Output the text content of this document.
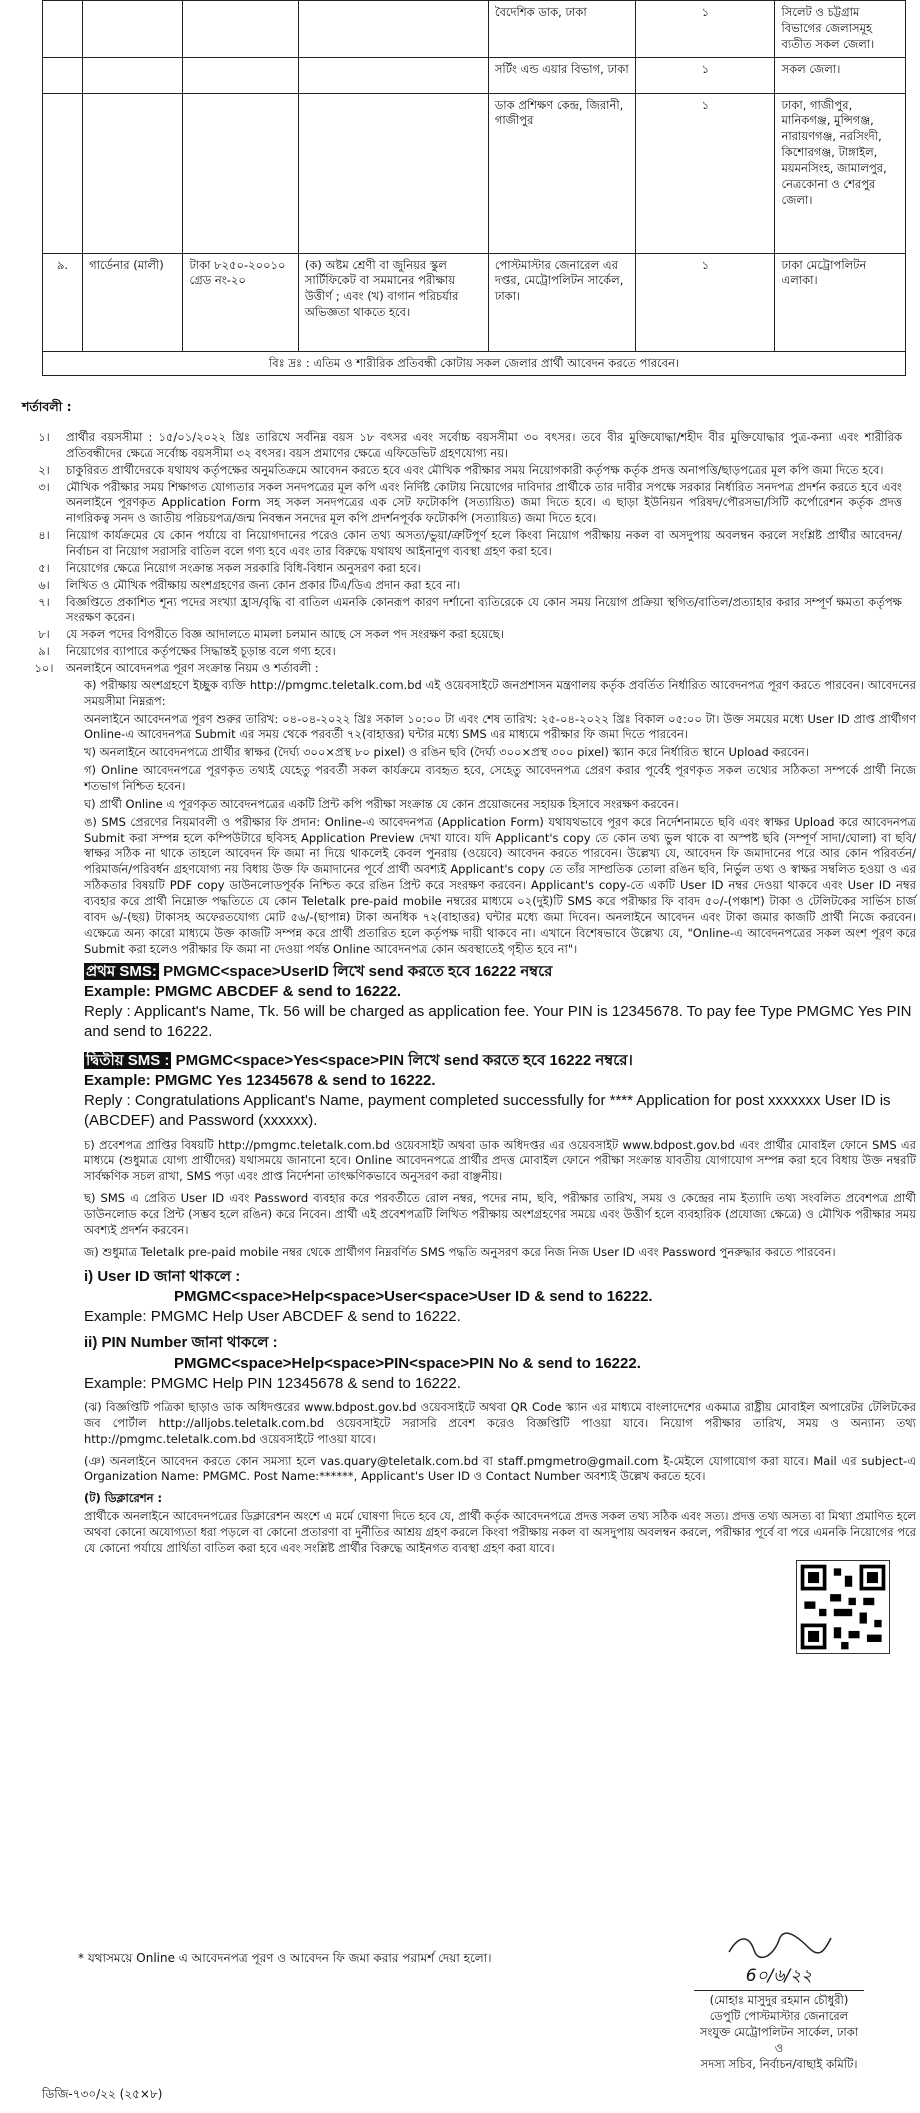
				বৈদেশিক ডাক, ঢাকা	১	সিলেট ও চট্টগ্রাম বিভাগের জেলাসমূহ ব্যতীত সকল জেলা।
				সর্টিং এন্ড এয়ার বিভাগ, ঢাকা	১	সকল জেলা।
				ডাক প্রশিক্ষণ কেন্দ্র, জিরানী, গাজীপুর	১	ঢাকা, গাজীপুর, মানিকগঞ্জ, মুন্সিগঞ্জ, নারায়ণগঞ্জ, নরসিংদী, কিশোরগঞ্জ, টাঙ্গাইল, ময়মনসিংহ, জামালপুর, নেত্রকোনা ও শেরপুর জেলা।
৯.	গার্ডেনার (মালী)	টাকা ৮২৫০-২০০১০ গ্রেড নং-২০	(ক) অষ্টম শ্রেণী বা জুনিয়র স্কুল সার্টিফিকেট বা সমমানের পরীক্ষায় উত্তীর্ণ ; এবং (খ) বাগান পরিচর্যার অভিজ্ঞতা থাকতে হবে।	পোস্টমাস্টার জেনারেল এর দপ্তর, মেট্রোপলিটন সার্কেল, ঢাকা।	১	ঢাকা মেট্রোপলিটন এলাকা।
বিঃ দ্রঃ : এতিম ও শারীরিক প্রতিবন্ধী কোটায় সকল জেলার প্রার্থী আবেদন করতে পারবেন।						
শর্তাবলী :
১।	প্রার্থীর বয়সসীমা : ১৫/০১/২০২২ খ্রিঃ তারিখে সর্বনিম্ন বয়স ১৮ বৎসর এবং সর্বোচ্চ বয়সসীমা ৩০ বৎসর। তবে বীর মুক্তিযোদ্ধা/শহীদ বীর মুক্তিযোদ্ধার পুত্র-কন্যা এবং শারীরিক প্রতিবন্ধীদের ক্ষেত্রে সর্বোচ্চ বয়সসীমা ৩২ বৎসর। বয়স প্রমাণের ক্ষেত্রে এফিডেভিট গ্রহণযোগ্য নয়।
২।	চাকুরিরত প্রার্থীদেরকে যথাযথ কর্তৃপক্ষের অনুমতিক্রমে আবেদন করতে হবে এবং মৌখিক পরীক্ষার সময় নিয়োগকারী কর্তৃপক্ষ কর্তৃক প্রদত্ত অনাপত্তি/ছাড়পত্রের মূল কপি জমা দিতে হবে।
৩।	মৌখিক পরীক্ষার সময় শিক্ষাগত যোগ্যতার সকল সনদপত্রের মূল কপি এবং নির্দিষ্ট কোটায় নিয়োগের দাবিদার প্রার্থীকে তার দাবীর সপক্ষে সরকার নির্ধারিত সনদপত্র প্রদর্শন করতে হবে এবং অনলাইনে পূরণকৃত Application Form সহ সকল সনদপত্রের এক সেট ফটোকপি (সত্যায়িত) জমা দিতে হবে। এ ছাড়া ইউনিয়ন পরিষদ/পৌরসভা/সিটি কর্পোরেশন কর্তৃক প্রদত্ত নাগরিকত্ব সনদ ও জাতীয় পরিচয়পত্র/জন্ম নিবন্ধন সনদের মূল কপি প্রদর্শনপূর্বক ফটোকপি (সত্যায়িত) জমা দিতে হবে।
৪।	নিয়োগ কার্যক্রমের যে কোন পর্যায়ে বা নিয়োগদানের পরেও কোন তথ্য অসত্য/ভুয়া/ত্রুটিপূর্ণ হলে কিংবা নিয়োগ পরীক্ষায় নকল বা অসদুপায় অবলম্বন করলে সংশ্লিষ্ট প্রার্থীর আবেদন/নির্বাচন বা নিয়োগ সরাসরি বাতিল বলে গণ্য হবে এবং তার বিরুদ্ধে যথাযথ আইনানুগ ব্যবস্থা গ্রহণ করা হবে।
৫।	নিয়োগের ক্ষেত্রে নিয়োগ সংক্রান্ত সকল সরকারি বিধি-বিধান অনুসরণ করা হবে।
৬।	লিখিত ও মৌখিক পরীক্ষায় অংশগ্রহণের জন্য কোন প্রকার টিএ/ডিএ প্রদান করা হবে না।
৭।	বিজ্ঞপ্তিতে প্রকাশিত শূন্য পদের সংখ্যা হ্রাস/বৃদ্ধি বা বাতিল এমনকি কোনরূপ কারণ দর্শানো ব্যতিরেকে যে কোন সময় নিয়োগ প্রক্রিয়া স্থগিত/বাতিল/প্রত্যাহার করার সম্পূর্ণ ক্ষমতা কর্তৃপক্ষ সংরক্ষণ করেন।
৮।	যে সকল পদের বিপরীতে বিজ্ঞ আদালতে মামলা চলমান আছে সে সকল পদ সংরক্ষণ করা হয়েছে।
৯।	নিয়োগের ব্যাপারে কর্তৃপক্ষের সিদ্ধান্তই চূড়ান্ত বলে গণ্য হবে।
১০।	অনলাইনে আবেদনপত্র পূরণ সংক্রান্ত নিয়ম ও শর্তাবলী :
ক) পরীক্ষায় অংশগ্রহণে ইচ্ছুক ব্যক্তি http://pmgmc.teletalk.com.bd এই ওয়েবসাইটে জনপ্রশাসন মন্ত্রণালয় কর্তৃক প্রবর্তিত নির্ধারিত আবেদনপত্র পূরণ করতে পারবেন। আবেদনের সময়সীমা নিম্নরূপ:
অনলাইনে আবেদনপত্র পূরণ শুরুর তারিখ: ০৪-০৪-২০২২ খ্রিঃ সকাল ১০:০০ টা এবং শেষ তারিখ: ২৫-০৪-২০২২ খ্রিঃ বিকাল ০৫:০০ টা। উক্ত সময়ের মধ্যে User ID প্রাপ্ত প্রার্থীগণ Online-এ আবেদনপত্র Submit এর সময় থেকে পরবর্তী ৭২(বাহাত্তর) ঘন্টার মধ্যে SMS এর মাধ্যমে পরীক্ষার ফি জমা দিতে পারবেন।
খ) অনলাইনে আবেদনপত্রে প্রার্থীর স্বাক্ষর (দৈর্ঘ্য ৩০০×প্রস্থ ৮০ pixel) ও রঙিন ছবি (দৈর্ঘ্য ৩০০×প্রস্থ ৩০০ pixel) স্ক্যান করে নির্ধারিত স্থানে Upload করবেন।
গ) Online আবেদনপত্রে পূরণকৃত তথ্যই যেহেতু পরবর্তী সকল কার্যক্রমে ব্যবহৃত হবে, সেহেতু আবেদনপত্র প্রেরণ করার পূর্বেই পূরণকৃত সকল তথ্যের সঠিকতা সম্পর্কে প্রার্থী নিজে শতভাগ নিশ্চিত হবেন।
ঘ) প্রার্থী Online এ পূরণকৃত আবেদনপত্রের একটি প্রিন্ট কপি পরীক্ষা সংক্রান্ত যে কোন প্রয়োজনের সহায়ক হিসাবে সংরক্ষণ করবেন।
ঙ) SMS প্রেরণের নিয়মাবলী ও পরীক্ষার ফি প্রদান: Online-এ আবেদনপত্র (Application Form) যথাযথভাবে পূরণ করে নির্দেশনামতে ছবি এবং স্বাক্ষর Upload করে আবেদনপত্র Submit করা সম্পন্ন হলে কম্পিউটারে ছবিসহ Application Preview দেখা যাবে। যদি Applicant's copy তে কোন তথ্য ভুল থাকে বা অস্পষ্ট ছবি (সম্পূর্ণ সাদা/ঘোলা) বা ছবি/স্বাক্ষর সঠিক না থাকে তাহলে আবেদন ফি জমা না দিয়ে থাকলেই কেবল পুনরায় (ওয়েবে) আবেদন করতে পারবেন। উল্লেখ্য যে, আবেদন ফি জমাদানের পরে আর কোন পরিবর্তন/পরিমার্জন/পরিবর্ধন গ্রহণযোগ্য নয় বিধায় উক্ত ফি জমাদানের পূর্বে প্রার্থী অবশ্যই Applicant's copy তে তাঁর সাম্প্রতিক তোলা রঙিন ছবি, নির্ভুল তথ্য ও স্বাক্ষর সম্বলিত হওয়া ও এর সঠিকতার বিষয়টি PDF copy ডাউনলোডপূর্বক নিশ্চিত করে রঙিন প্রিন্ট করে সংরক্ষণ করবেন। Applicant's copy-তে একটি User ID নম্বর দেওয়া থাকবে এবং User ID নম্বর ব্যবহার করে প্রার্থী নিম্নোক্ত পদ্ধতিতে যে কোন Teletalk pre-paid mobile নম্বরের মাধ্যমে ০২(দুই)টি SMS করে পরীক্ষার ফি বাবদ ৫০/-(পঞ্চাশ) টাকা ও টেলিটকের সার্ভিস চার্জ বাবদ ৬/-(ছয়) টাকাসহ অফেরতযোগ্য মোট ৫৬/-(ছাপান্ন) টাকা অনধিক ৭২(বাহাত্তর) ঘন্টার মধ্যে জমা দিবেন। অনলাইনে আবেদন এবং টাকা জমার কাজটি প্রার্থী নিজে করবেন। এক্ষেত্রে অন্য কারো মাধ্যমে উক্ত কাজটি সম্পন্ন করে প্রার্থী প্রতারিত হলে কর্তৃপক্ষ দায়ী থাকবে না। এখানে বিশেষভাবে উল্লেখ্য যে, "Online-এ আবেদনপত্রের সকল অংশ পূরণ করে Submit করা হলেও পরীক্ষার ফি জমা না দেওয়া পর্যন্ত Online আবেদনপত্র কোন অবস্থাতেই গৃহীত হবে না"।
প্রথম SMS: PMGMC<space>UserID লিখে send করতে হবে 16222 নম্বরে
Example: PMGMC ABCDEF & send to 16222.
Reply : Applicant's Name, Tk. 56 will be charged as application fee. Your PIN is 12345678. To pay fee Type PMGMC Yes PIN and send to 16222.
দ্বিতীয় SMS : PMGMC<space>Yes<space>PIN লিখে send করতে হবে 16222 নম্বরে।
Example: PMGMC Yes 12345678 & send to 16222.
Reply : Congratulations Applicant's Name, payment completed successfully for **** Application for post xxxxxxx User ID is (ABCDEF) and Password (xxxxxx).
চ) প্রবেশপত্র প্রাপ্তির বিষয়টি http://pmgmc.teletalk.com.bd ওয়েবসাইট অথবা ডাক অধিদপ্তর এর ওয়েবসাইট www.bdpost.gov.bd এবং প্রার্থীর মোবাইল ফোনে SMS এর মাধ্যমে (শুধুমাত্র যোগ্য প্রার্থীদের) যথাসময়ে জানানো হবে। Online আবেদনপত্রে প্রার্থীর প্রদত্ত মোবাইল ফোনে পরীক্ষা সংক্রান্ত যাবতীয় যোগাযোগ সম্পন্ন করা হবে বিধায় উক্ত নম্বরটি সার্বক্ষণিক সচল রাখা, SMS পড়া এবং প্রাপ্ত নির্দেশনা তাৎক্ষণিকভাবে অনুসরণ করা বাঞ্ছনীয়।
ছ) SMS এ প্রেরিত User ID এবং Password ব্যবহার করে পরবর্তীতে রোল নম্বর, পদের নাম, ছবি, পরীক্ষার তারিখ, সময় ও কেন্দ্রের নাম ইত্যাদি তথ্য সংবলিত প্রবেশপত্র প্রার্থী ডাউনলোড করে প্রিন্ট (সম্ভব হলে রঙিন) করে নিবেন। প্রার্থী এই প্রবেশপত্রটি লিখিত পরীক্ষায় অংশগ্রহণের সময়ে এবং উত্তীর্ণ হলে ব্যবহারিক (প্রযোজ্য ক্ষেত্রে) ও মৌখিক পরীক্ষার সময় অবশ্যই প্রদর্শন করবেন।
জ) শুধুমাত্র Teletalk pre-paid mobile নম্বর থেকে প্রার্থীগণ নিম্নবর্ণিত SMS পদ্ধতি অনুসরণ করে নিজ নিজ User ID এবং Password পুনরুদ্ধার করতে পারবেন।
i) User ID জানা থাকলে :
PMGMC<space>Help<space>User<space>User ID & send to 16222.
Example: PMGMC Help User ABCDEF & send to 16222.
ii) PIN Number জানা থাকলে :
PMGMC<space>Help<space>PIN<space>PIN No & send to 16222.
Example: PMGMC Help PIN 12345678 & send to 16222.
(ঝ) বিজ্ঞপ্তিটি পত্রিকা ছাড়াও ডাক অধিদপ্তরের www.bdpost.gov.bd ওয়েবসাইটে অথবা QR Code স্ক্যান এর মাধ্যমে বাংলাদেশের একমাত্র রাষ্ট্রীয় মোবাইল অপারেটর টেলিটকের জব পোর্টাল http://alljobs.teletalk.com.bd ওয়েবসাইটে সরাসরি প্রবেশ করেও বিজ্ঞপ্তিটি পাওয়া যাবে। নিয়োগ পরীক্ষার তারিখ, সময় ও অন্যান্য তথ্য http://pmgmc.teletalk.com.bd ওয়েবসাইটে পাওয়া যাবে।
(ঞ) অনলাইনে আবেদন করতে কোন সমস্যা হলে vas.quary@teletalk.com.bd বা staff.pmgmetro@gmail.com ই-মেইলে যোগাযোগ করা যাবে। Mail এর subject-এ Organization Name: PMGMC. Post Name:******, Applicant's User ID ও Contact Number অবশ্যই উল্লেখ করতে হবে।
(ট) ডিক্লারেশন :
প্রার্থীকে অনলাইনে আবেদনপত্রের ডিক্লারেশন অংশে এ মর্মে ঘোষণা দিতে হবে যে, প্রার্থী কর্তৃক আবেদনপত্রে প্রদত্ত সকল তথ্য সঠিক এবং সত্য। প্রদত্ত তথ্য অসত্য বা মিথ্যা প্রমাণিত হলে অথবা কোনো অযোগ্যতা ধরা পড়লে বা কোনো প্রতারণা বা দুর্নীতির আশ্রয় গ্রহণ করলে কিংবা পরীক্ষায় নকল বা অসদুপায় অবলম্বন করলে, পরীক্ষার পূর্বে বা পরে এমনকি নিয়োগের পরে যে কোনো পর্যায়ে প্রার্থিতা বাতিল করা হবে এবং সংশ্লিষ্ট প্রার্থীর বিরুদ্ধে আইনগত ব্যবস্থা গ্রহণ করা যাবে।
* যথাসময়ে Online এ আবেদনপত্র পূরণ ও আবেদন ফি জমা করার পরামর্শ দেয়া হলো।
6০/৬/২২
(মোহাঃ মাসুদুর রহমান চৌধুরী)
ডেপুটি পোস্টমাস্টার জেনারেল
সংযুক্ত মেট্রোপলিটন সার্কেল, ঢাকা
ও
সদস্য সচিব, নির্বাচন/বাছাই কমিটি।
ডিজি-৭৩০/২২ (২৫×৮)
